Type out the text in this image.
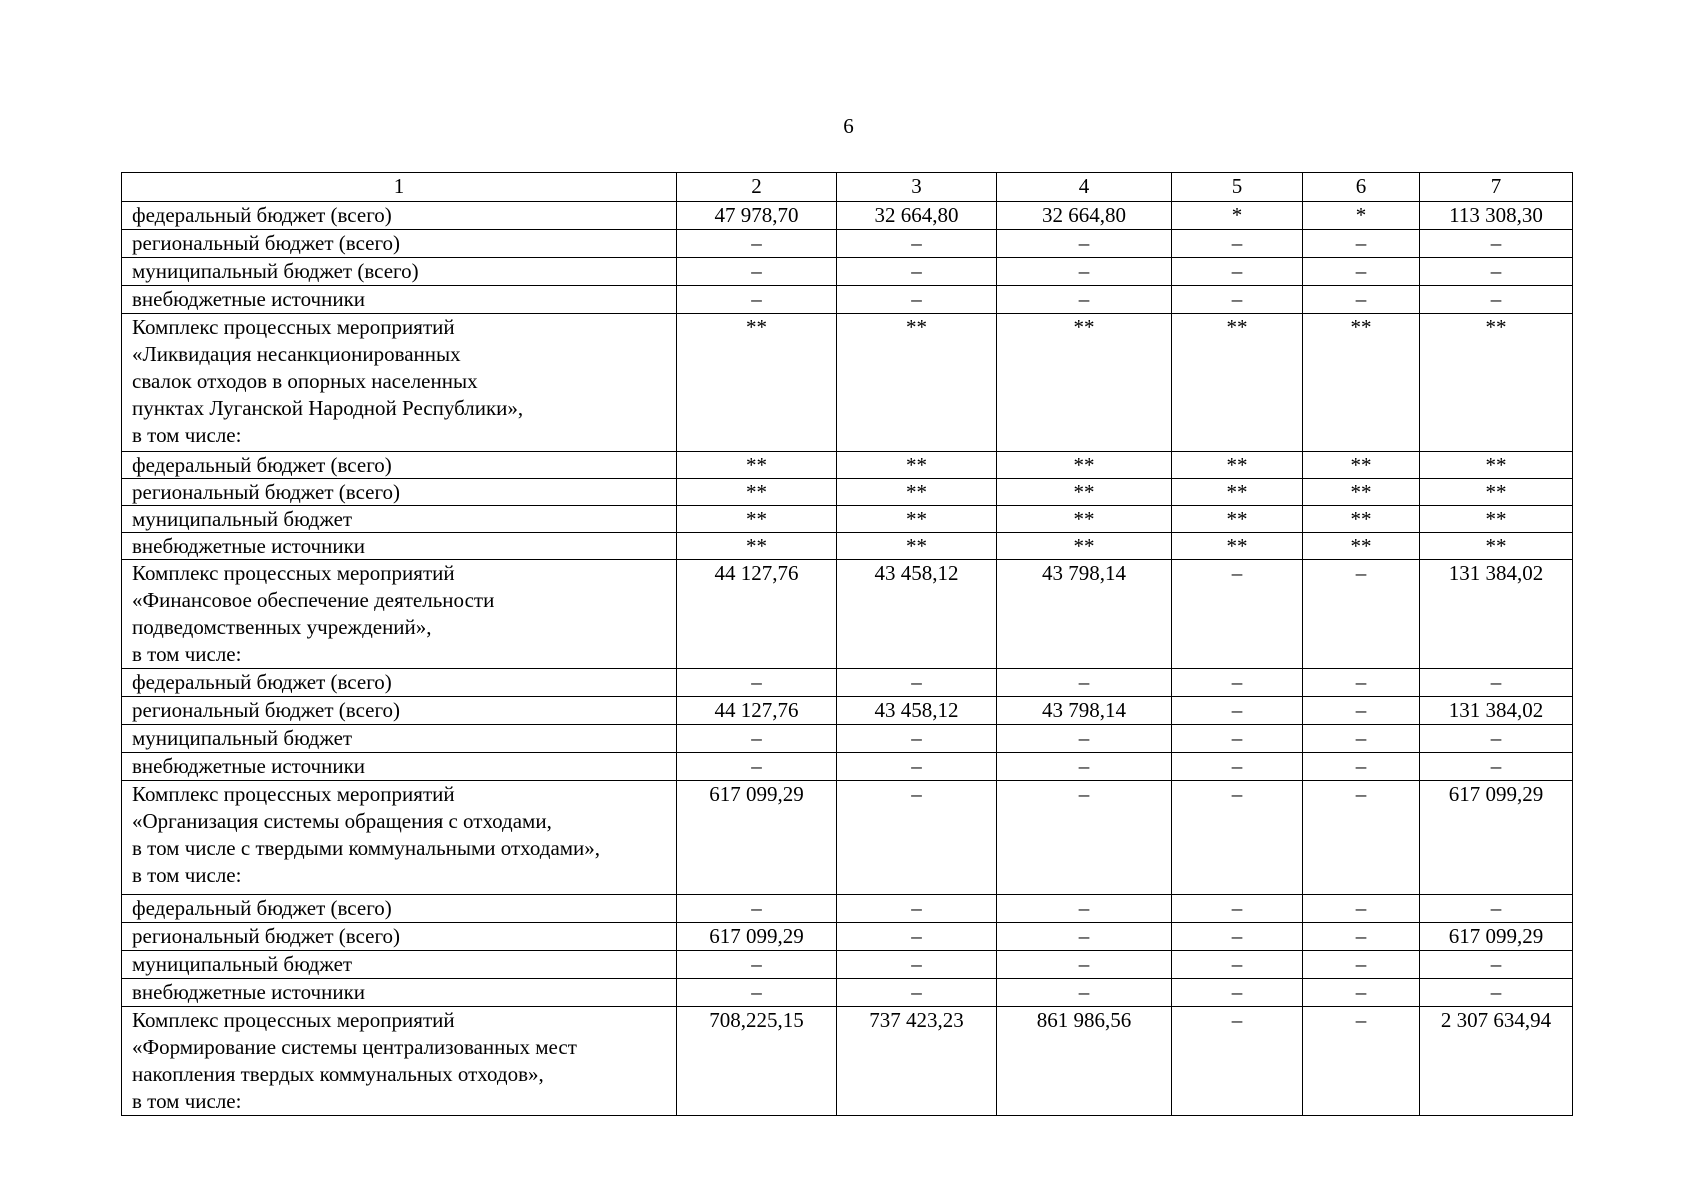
6
1	2	3	4	5	6	7
федеральный бюджет (всего)	47 978,70	32 664,80	32 664,80	*	*	113 308,30
региональный бюджет (всего)	–	–	–	–	–	–
муниципальный бюджет (всего)	–	–	–	–	–	–
внебюджетные источники	–	–	–	–	–	–
Комплекс процессных мероприятий
«Ликвидация несанкционированных
свалок отходов в опорных населенных
пунктах Луганской Народной Республики»,
в том числе:	**	**	**	**	**	**
федеральный бюджет (всего)	**	**	**	**	**	**
региональный бюджет (всего)	**	**	**	**	**	**
муниципальный бюджет	**	**	**	**	**	**
внебюджетные источники	**	**	**	**	**	**
Комплекс процессных мероприятий
«Финансовое обеспечение деятельности
подведомственных учреждений»,
в том числе:	44 127,76	43 458,12	43 798,14	–	–	131 384,02
федеральный бюджет (всего)	–	–	–	–	–	–
региональный бюджет (всего)	44 127,76	43 458,12	43 798,14	–	–	131 384,02
муниципальный бюджет	–	–	–	–	–	–
внебюджетные источники	–	–	–	–	–	–
Комплекс процессных мероприятий
«Организация системы обращения с отходами,
в том числе с твердыми коммунальными отходами»,
в том числе:	617 099,29	–	–	–	–	617 099,29
федеральный бюджет (всего)	–	–	–	–	–	–
региональный бюджет (всего)	617 099,29	–	–	–	–	617 099,29
муниципальный бюджет	–	–	–	–	–	–
внебюджетные источники	–	–	–	–	–	–
Комплекс процессных мероприятий
«Формирование системы централизованных мест
накопления твердых коммунальных отходов»,
в том числе:	708,225,15	737 423,23	861 986,56	–	–	2 307 634,94
